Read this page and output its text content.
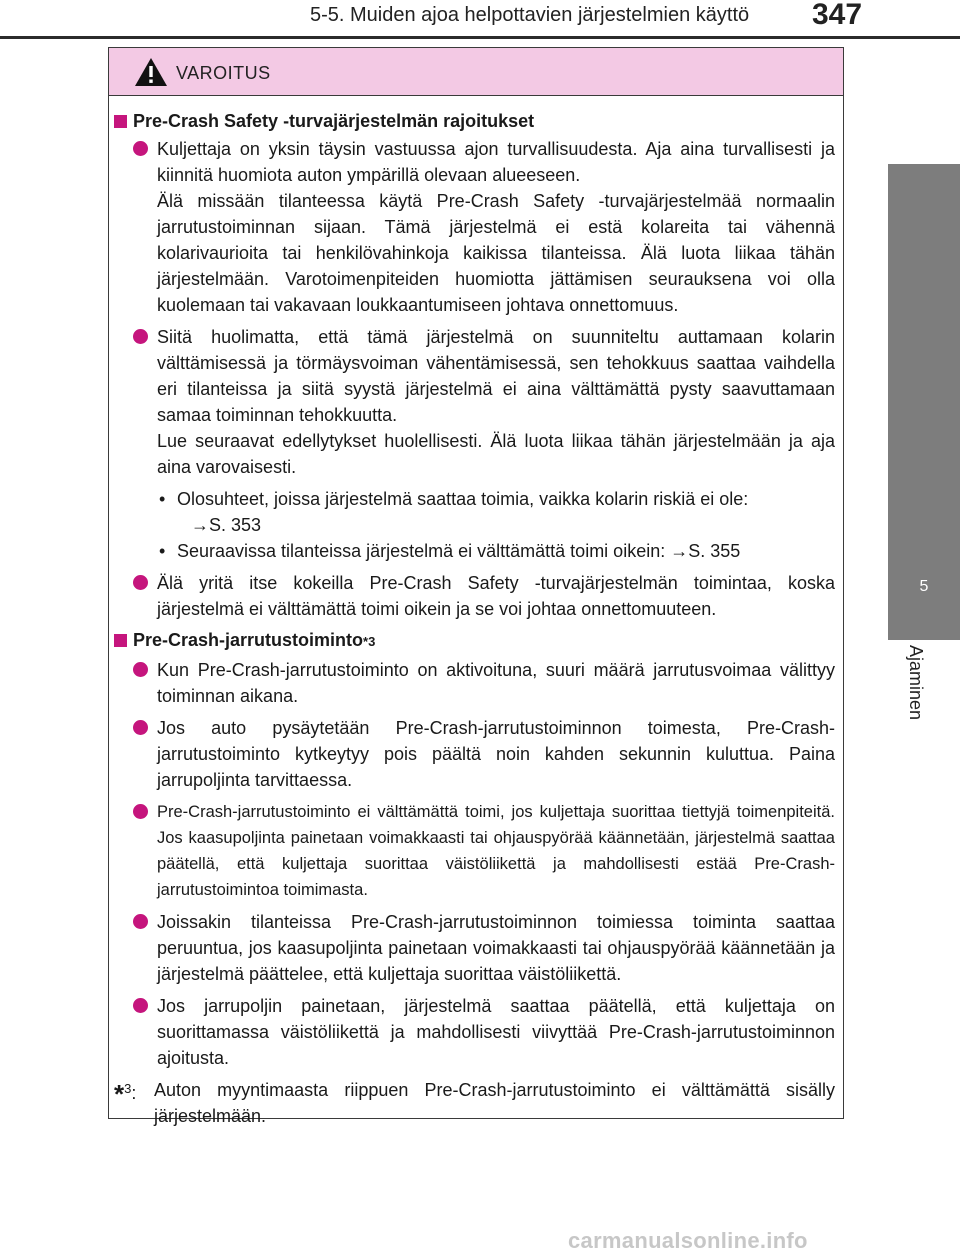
5-5. Muiden ajoa helpottavien järjestelmien käyttö 347
5
Ajaminen
VAROITUS
Pre-Crash Safety -turvajärjestelmän rajoitukset

Kuljettaja on yksin täysin vastuussa ajon turvallisuudesta. Aja aina turvallisesti ja kiinnitä huomiota auton ympärillä olevaan alueeseen.

Älä missään tilanteessa käytä Pre-Crash Safety -turvajärjestelmää normaalin jarrutustoiminnan sijaan. Tämä järjestelmä ei estä kolareita tai vähennä kolarivaurioita tai henkilövahinkoja kaikissa tilanteissa. Älä luota liikaa tähän järjestelmään. Varotoimenpiteiden huomiotta jättämisen seurauksena voi olla kuolemaan tai vakavaan loukkaantumiseen johtava onnettomuus.

Siitä huolimatta, että tämä järjestelmä on suunniteltu auttamaan kolarin välttämisessä ja törmäysvoiman vähentämisessä, sen tehokkuus saattaa vaihdella eri tilanteissa ja siitä syystä järjestelmä ei aina välttämättä pysty saavuttamaan samaa toiminnan tehokkuutta.

Lue seuraavat edellytykset huolellisesti. Älä luota liikaa tähän järjestelmään ja aja aina varovaisesti.

• Olosuhteet, joissa järjestelmä saattaa toimia, vaikka kolarin riskiä ei ole:
→S. 353
• Seuraavissa tilanteissa järjestelmä ei välttämättä toimi oikein: →S. 355

Älä yritä itse kokeilla Pre-Crash Safety -turvajärjestelmän toimintaa, koska järjestelmä ei välttämättä toimi oikein ja se voi johtaa onnettomuuteen.

Pre-Crash-jarrutustoiminto *3

Kun Pre-Crash-jarrutustoiminto on aktivoituna, suuri määrä jarrutusvoimaa välittyy toiminnan aikana.

Jos auto pysäytetään Pre-Crash-jarrutustoiminnon toimesta, Pre-Crash-jarrutustoiminto kytkeytyy pois päältä noin kahden sekunnin kuluttua. Paina jarrupoljinta tarvittaessa.

Pre-Crash-jarrutustoiminto ei välttämättä toimi, jos kuljettaja suorittaa tiettyjä toimenpiteitä. Jos kaasupoljinta painetaan voimakkaasti tai ohjauspyörää käännetään, järjestelmä saattaa päätellä, että kuljettaja suorittaa väistöliikettä ja mahdollisesti estää Pre-Crash-jarrutustoimintoa toimimasta.

Joissakin tilanteissa Pre-Crash-jarrutustoiminnon toimiessa toiminta saattaa peruuntua, jos kaasupoljinta painetaan voimakkaasti tai ohjauspyörää käännetään ja järjestelmä päättelee, että kuljettaja suorittaa väistöliikettä.

Jos jarrupoljin painetaan, järjestelmä saattaa päätellä, että kuljettaja on suorittamassa väistöliikettä ja mahdollisesti viivyttää Pre-Crash-jarrutustoiminnon ajoitusta.

*$^3$: Auton myyntimaasta riippuen Pre-Crash-jarrutustoiminto ei välttämättä sisälly järjestelmään.

carmanualsonline.info
